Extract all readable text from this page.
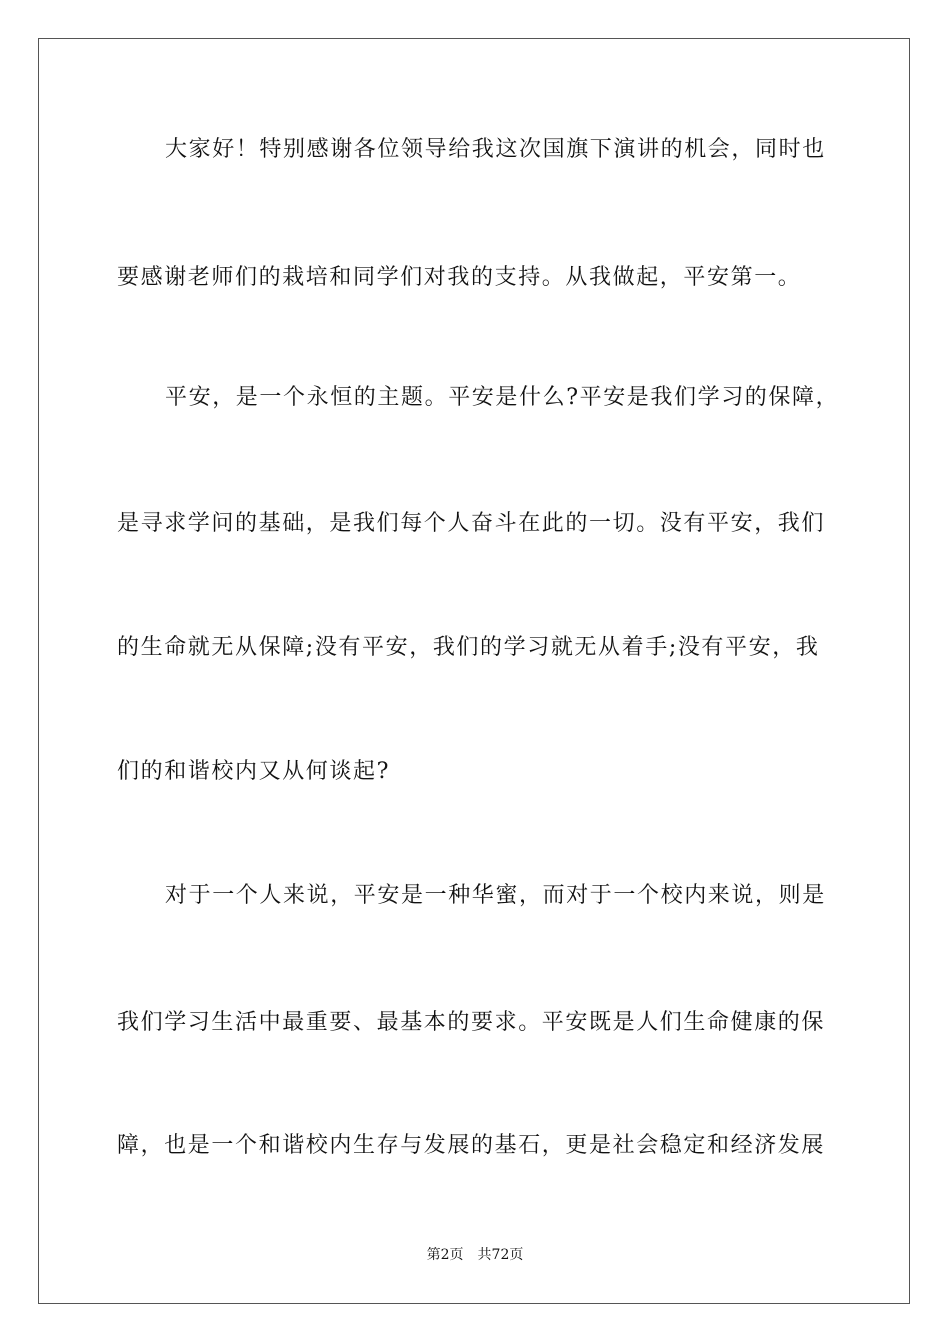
大家好！特别感谢各位领导给我这次国旗下演讲的机会，同时也
要感谢老师们的栽培和同学们对我的支持。从我做起，平安第一。
平安，是一个永恒的主题。平安是什么?平安是我们学习的保障，
是寻求学问的基础，是我们每个人奋斗在此的一切。没有平安，我们
的生命就无从保障;没有平安，我们的学习就无从着手;没有平安，我
们的和谐校内又从何谈起?
对于一个人来说，平安是一种华蜜，而对于一个校内来说，则是
我们学习生活中最重要、最基本的要求。平安既是人们生命健康的保
障，也是一个和谐校内生存与发展的基石，更是社会稳定和经济发展
第2页 共72页
